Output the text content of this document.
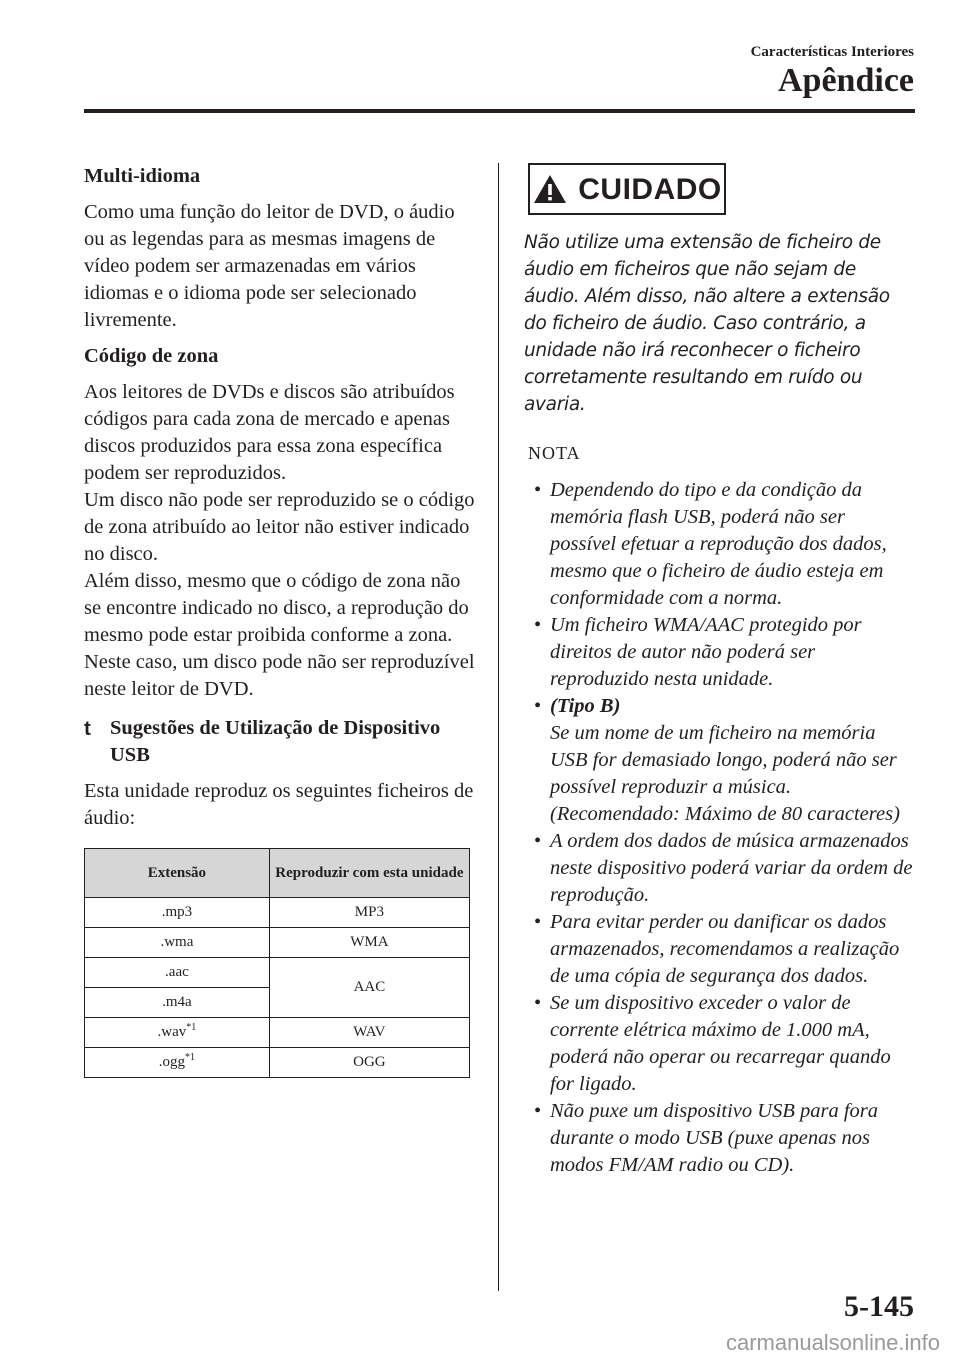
Características Interiores
Apêndice
Multi-idioma

Como uma função do leitor de DVD, o áudio ou as legendas para as mesmas imagens de vídeo podem ser armazenadas em vários idiomas e o idioma pode ser selecionado livremente.

Código de zona
Aos leitores de DVDs e discos são atribuídos códigos para cada zona de mercado e apenas discos produzidos para essa zona específica podem ser reproduzidos.
Um disco não pode ser reproduzido se o código de zona atribuído ao leitor não estiver indicado no disco.
Além disso, mesmo que o código de zona não se encontre indicado no disco, a reprodução do mesmo pode estar proibida conforme a zona. Neste caso, um disco pode não ser reproduzível neste leitor de DVD.
t Sugestões de Utilização de Dispositivo USB

Esta unidade reproduz os seguintes ficheiros de áudio:

Extensão	Reproduzir com esta unidade
.mp3	MP3
.wma	WMA
.aac	AAC
.m4a	
.wav$^{*1}$	WAV
.ogg$^{*1}$	OGG
CUIDADO

Não utilize uma extensão de ficheiro de áudio em ficheiros que não sejam de áudio. Além disso, não altere a extensão do ficheiro de áudio. Caso contrário, a unidade não irá reconhecer o ficheiro corretamente resultando em ruído ou avaria.

NOTA
• Dependendo do tipo e da condição da memória flash USB, poderá não ser possível efetuar a reprodução dos dados, mesmo que o ficheiro de áudio esteja em conformidade com a norma.
• Um ficheiro WMA/AAC protegido por direitos de autor não poderá ser reproduzido nesta unidade.
• (Tipo B)
Se um nome de um ficheiro na memória USB for demasiado longo, poderá não ser possível reproduzir a música. (Recomendado: Máximo de 80 caracteres)
• A ordem dos dados de música armazenados neste dispositivo poderá variar da ordem de reprodução.
• Para evitar perder ou danificar os dados armazenados, recomendamos a realização de uma cópia de segurança dos dados.
• Se um dispositivo exceder o valor de corrente elétrica máximo de 1.000 mA, poderá não operar ou recarregar quando for ligado.
• Não puxe um dispositivo USB para fora durante o modo USB (puxe apenas nos modos FM/AM radio ou CD).
5-145
carmanualsonline.info
